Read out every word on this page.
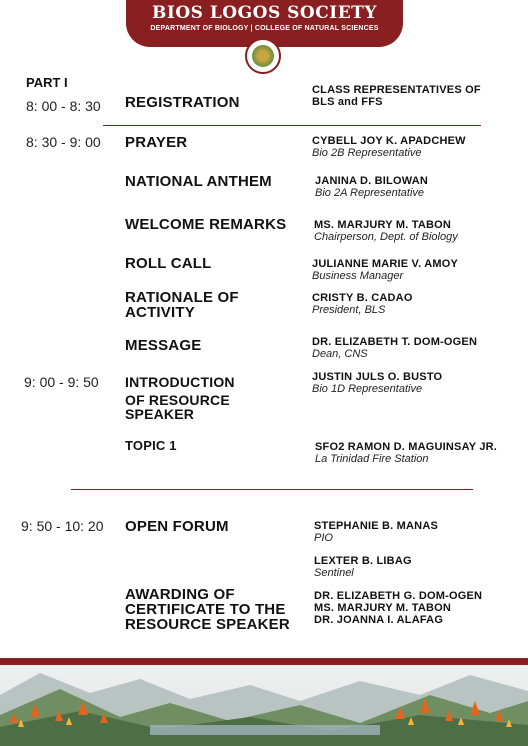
BIOS LOGOS SOCIETY
DEPARTMENT OF BIOLOGY | COLLEGE OF NATURAL SCIENCES
PART I
8: 00 - 8: 30
8: 30 - 9: 00
9: 00 - 9: 50
9: 50 - 10: 20
REGISTRATION
PRAYER
NATIONAL ANTHEM
WELCOME REMARKS
ROLL CALL
RATIONALE OF
ACTIVITY
MESSAGE
INTRODUCTION
OF RESOURCE
SPEAKER
TOPIC 1
OPEN FORUM
AWARDING OF
CERTIFICATE TO THE
RESOURCE SPEAKER
CLASS REPRESENTATIVES OF
BLS and FFS
CYBELL JOY K. APADCHEW
Bio 2B Representative
JANINA D. BILOWAN
Bio 2A Representative
MS. MARJURY M. TABON
Chairperson, Dept. of Biology
JULIANNE MARIE V. AMOY
Business Manager
CRISTY B. CADAO
President, BLS
DR. ELIZABETH T. DOM-OGEN
Dean, CNS
JUSTIN JULS O. BUSTO
Bio 1D Representative
SFO2 RAMON D. MAGUINSAY JR.
La Trinidad Fire Station
STEPHANIE B. MANAS
PIO
LEXTER B. LIBAG
Sentinel
DR. ELIZABETH G. DOM-OGEN
MS. MARJURY M. TABON
DR. JOANNA I. ALAFAG
